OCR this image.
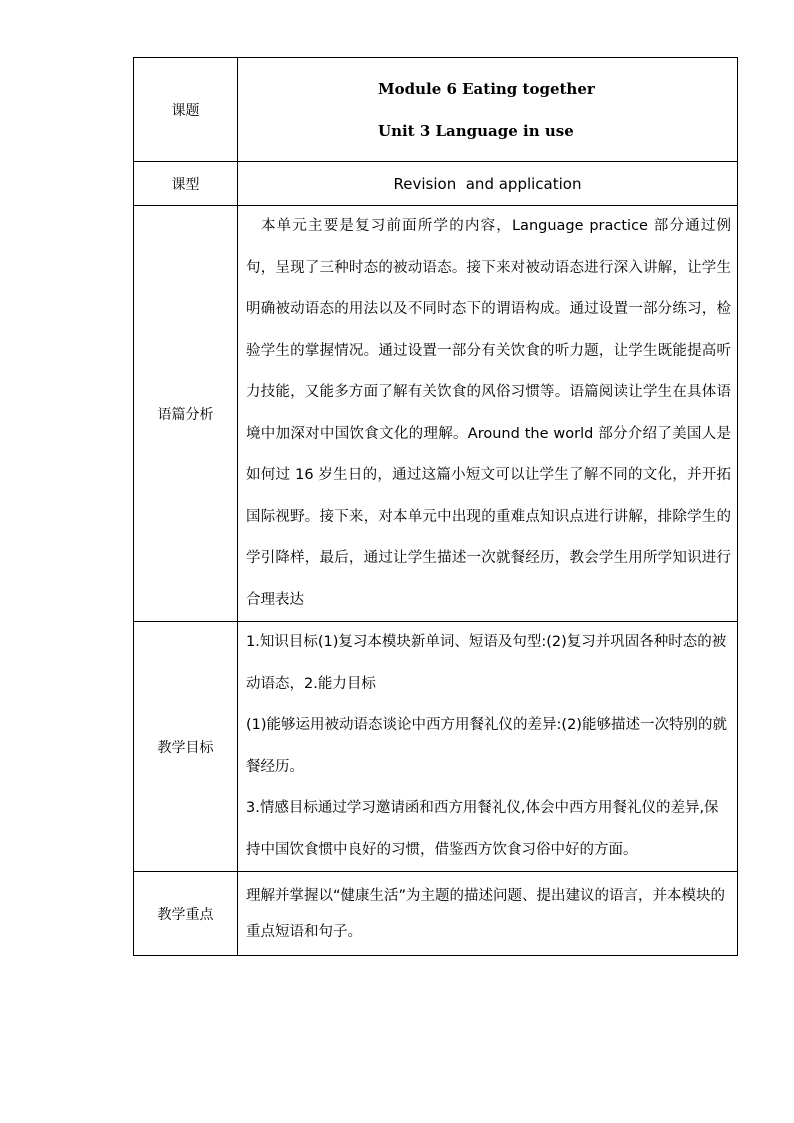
课题	Module 6 Eating together
Unit 3 Language in use

课型	Revision  and application
语篇分析	本单元主要是复习前面所学的内容，Language practice 部分通过例句，呈现了三种时态的被动语态。接下来对被动语态进行深入讲解，让学生明确被动语态的用法以及不同时态下的谓语构成。通过设置一部分练习，检验学生的掌握情况。通过设置一部分有关饮食的听力题，让学生既能提高听力技能，又能多方面了解有关饮食的风俗习惯等。语篇阅读让学生在具体语境中加深对中国饮食文化的理解。Around the world 部分介绍了美国人是如何过 16 岁生日的，通过这篇小短文可以让学生了解不同的文化，并开拓国际视野。接下来，对本单元中出现的重难点知识点进行讲解，排除学生的学引降样，最后，通过让学生描述一次就餐经历，教会学生用所学知识进行合理表达

教学目标	1.知识目标(1)复习本模块新单词、短语及句型:(2)复习并巩固各种时态的被动语态，2.能力目标

(1)能够运用被动语态谈论中西方用餐礼仪的差异:(2)能够描述一次特别的就餐经历。

3.情感目标通过学习邀请函和西方用餐礼仪,体会中西方用餐礼仪的差异,保持中国饮食惯中良好的习惯，借鉴西方饮食习俗中好的方面。

教学重点	理解并掌握以“健康生活”为主题的描述问题、提出建议的语言，并本模块的重点短语和句子。
